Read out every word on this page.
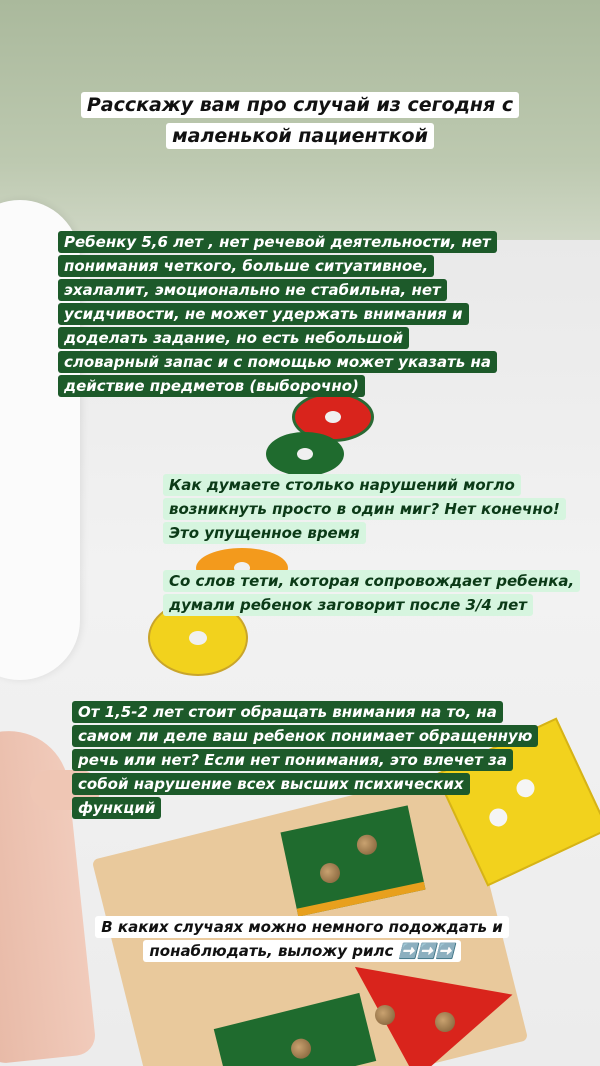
Расскажу вам про случай из сегодня с маленькой пациенткой
Ребенку 5,6 лет , нет речевой деятельности, нет понимания четкого, больше ситуативное, эхалалит, эмоционально не стабильна, нет усидчивости, не может удержать внимания и доделать задание, но есть небольшой словарный запас и с помощью может указать на действие предметов (выборочно)
Как думаете столько нарушений могло возникнуть просто в один миг? Нет конечно! Это упущенное время
Со слов тети, которая сопровождает ребенка, думали ребенок заговорит после 3/4 лет
От 1,5-2 лет стоит обращать внимания на то, на самом ли деле ваш ребенок понимает обращенную речь или нет? Если нет понимания, это влечет за собой нарушение всех высших психических функций
В каких случаях можно немного подождать и понаблюдать, выложу рилс ➡️➡️➡️
